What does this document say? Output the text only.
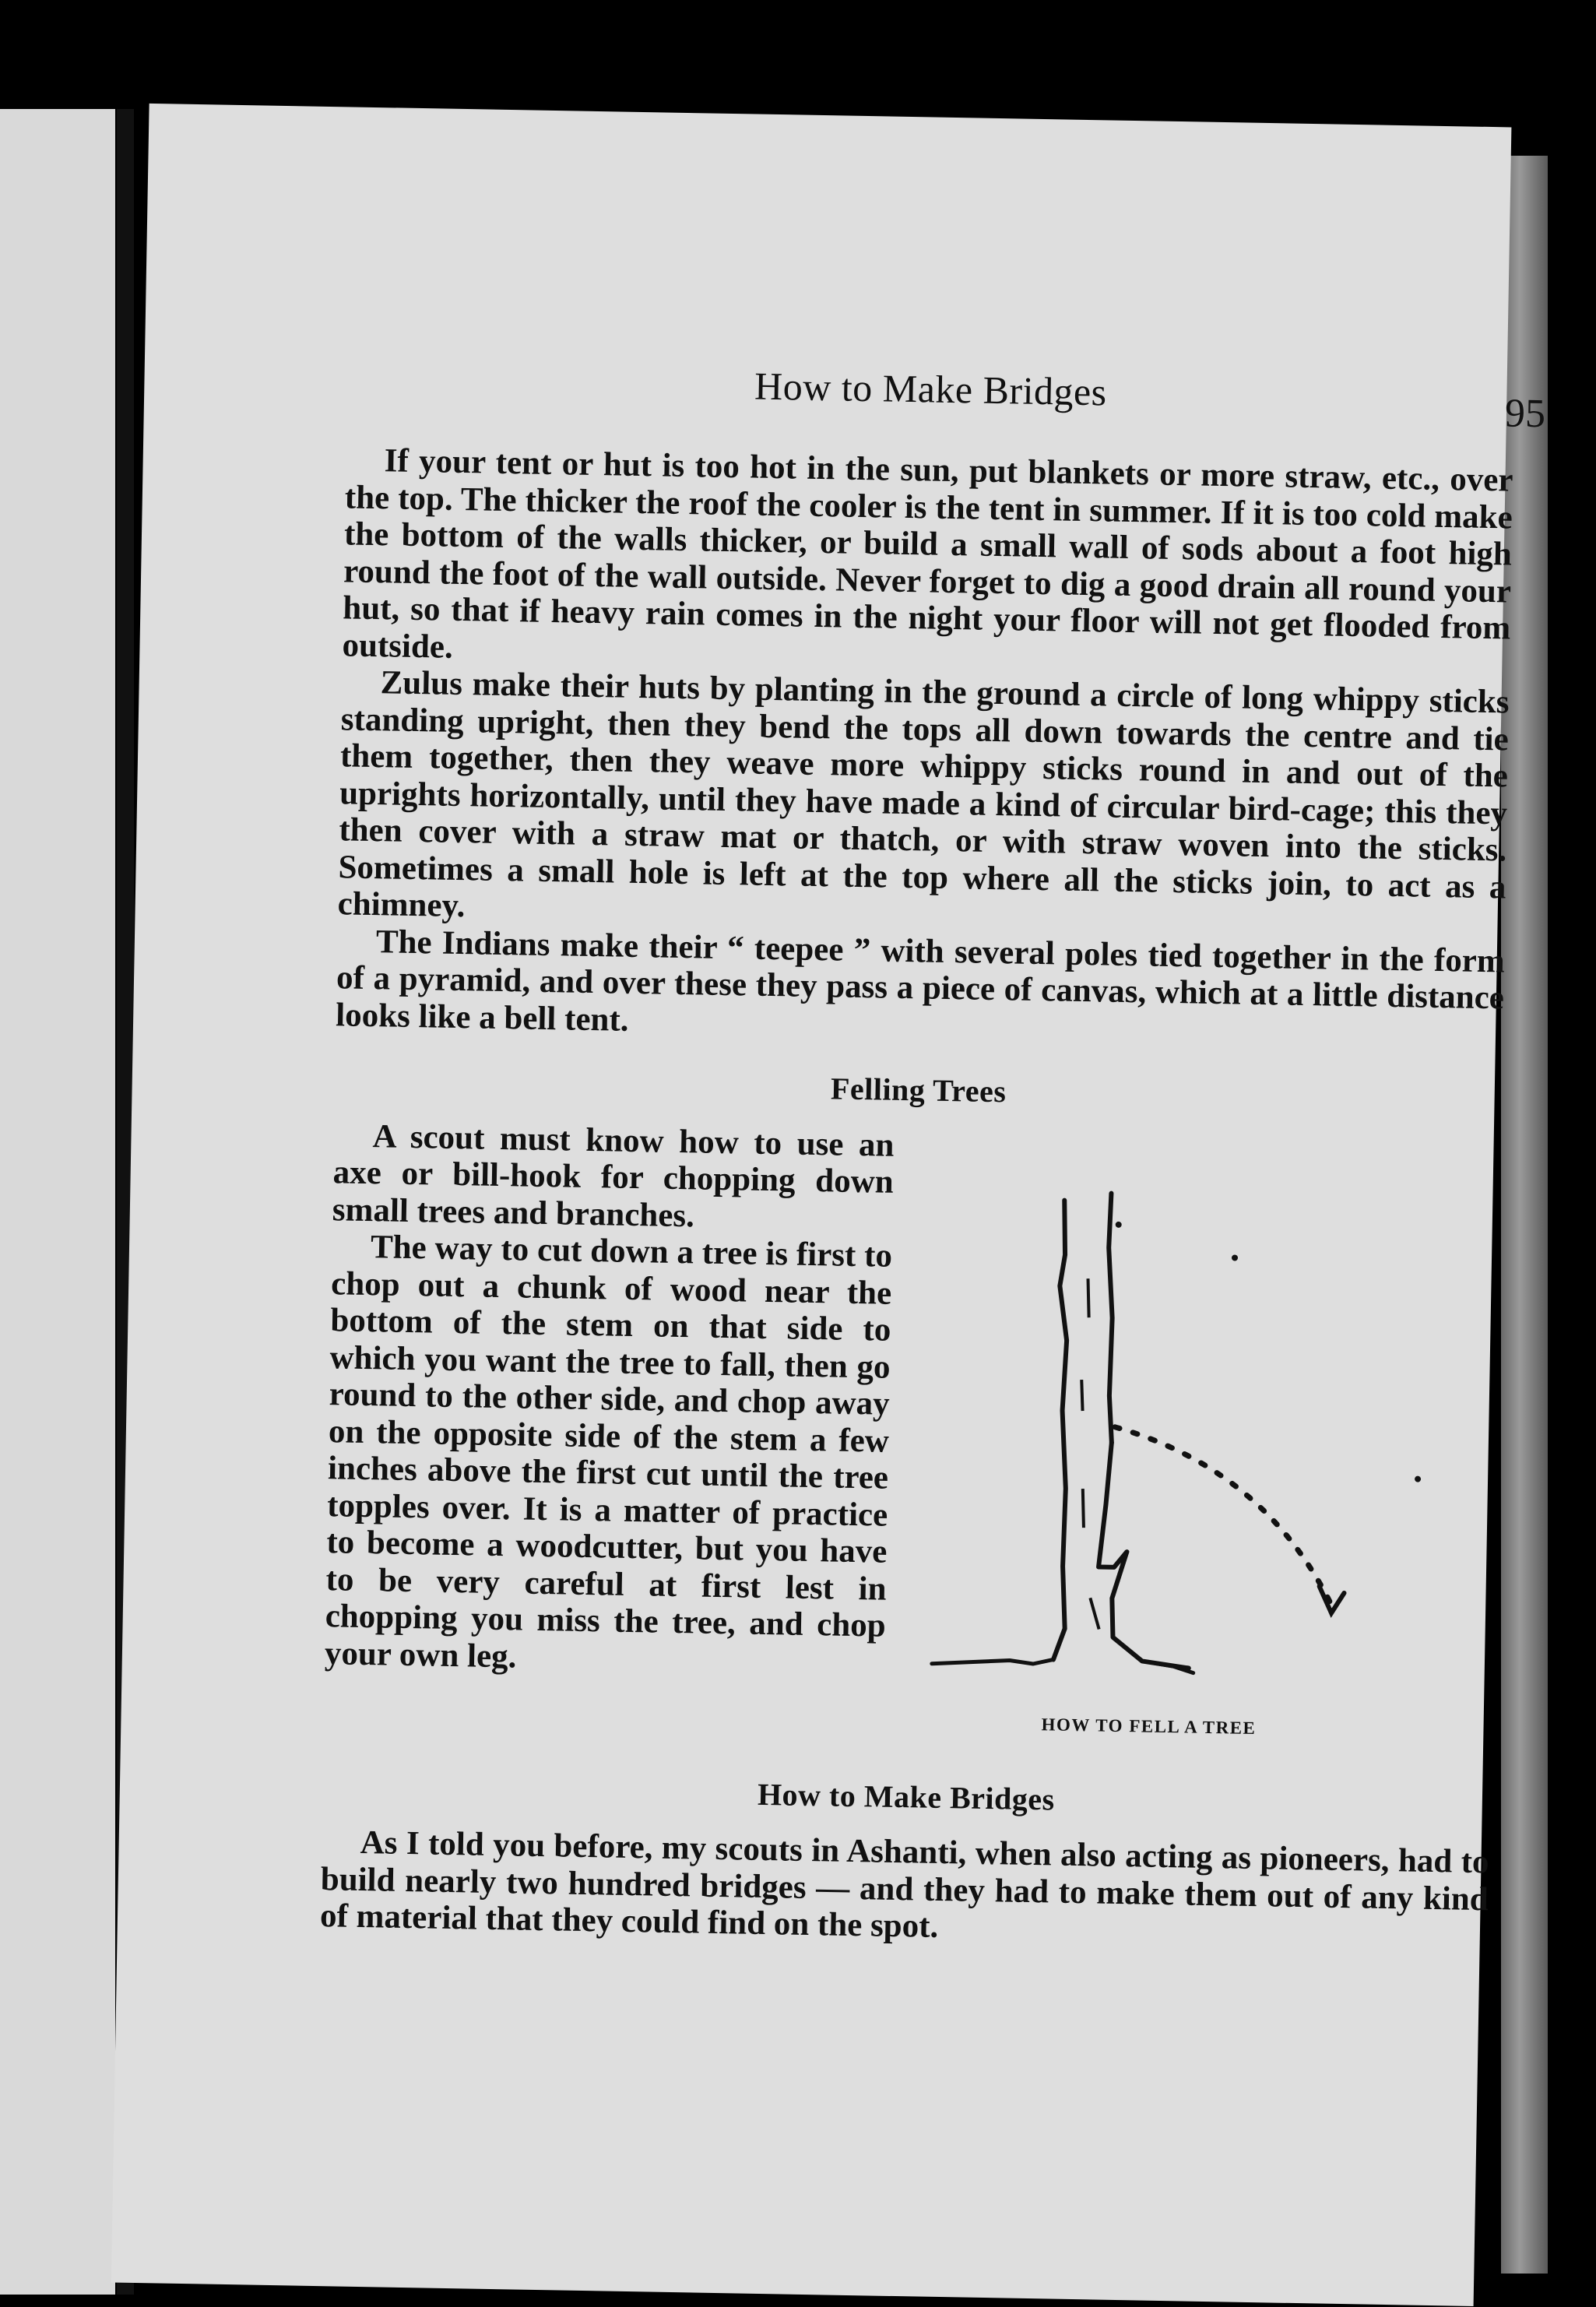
How to Make Bridges	95

If your tent or hut is too hot in the sun, put blankets or more straw, etc., over the top. The thicker the roof the cooler is the tent in summer. If it is too cold make the bottom of the walls thicker, or build a small wall of sods about a foot high round the foot of the wall outside. Never forget to dig a good drain all round your hut, so that if heavy rain comes in the night your floor will not get flooded from outside.

Zulus make their huts by planting in the ground a circle of long whippy sticks standing upright, then they bend the tops all down towards the centre and tie them together, then they weave more whippy sticks round in and out of the uprights horizontally, until they have made a kind of circular bird-cage; this they then cover with a straw mat or thatch, or with straw woven into the sticks. Sometimes a small hole is left at the top where all the sticks join, to act as a chimney.

The Indians make their “ teepee ” with several poles tied together in the form of a pyramid, and over these they pass a piece of canvas, which at a little distance looks like a bell tent.

Felling Trees

A scout must know how to use an axe or bill-hook for chopping down small trees and branches.

The way to cut down a tree is first to chop out a chunk of wood near the bottom of the stem on that side to which you want the tree to fall, then go round to the other side, and chop away on the opposite side of the stem a few inches above the first cut until the tree topples over. It is a matter of practice to become a woodcutter, but you have to be very careful at first lest in chopping you miss the tree, and chop your own leg.

HOW TO FELL A TREE
How to Make Bridges

As I told you before, my scouts in Ashanti, when also acting as pioneers, had to build nearly two hundred bridges — and they had to make them out of any kind of material that they could find on the spot.
